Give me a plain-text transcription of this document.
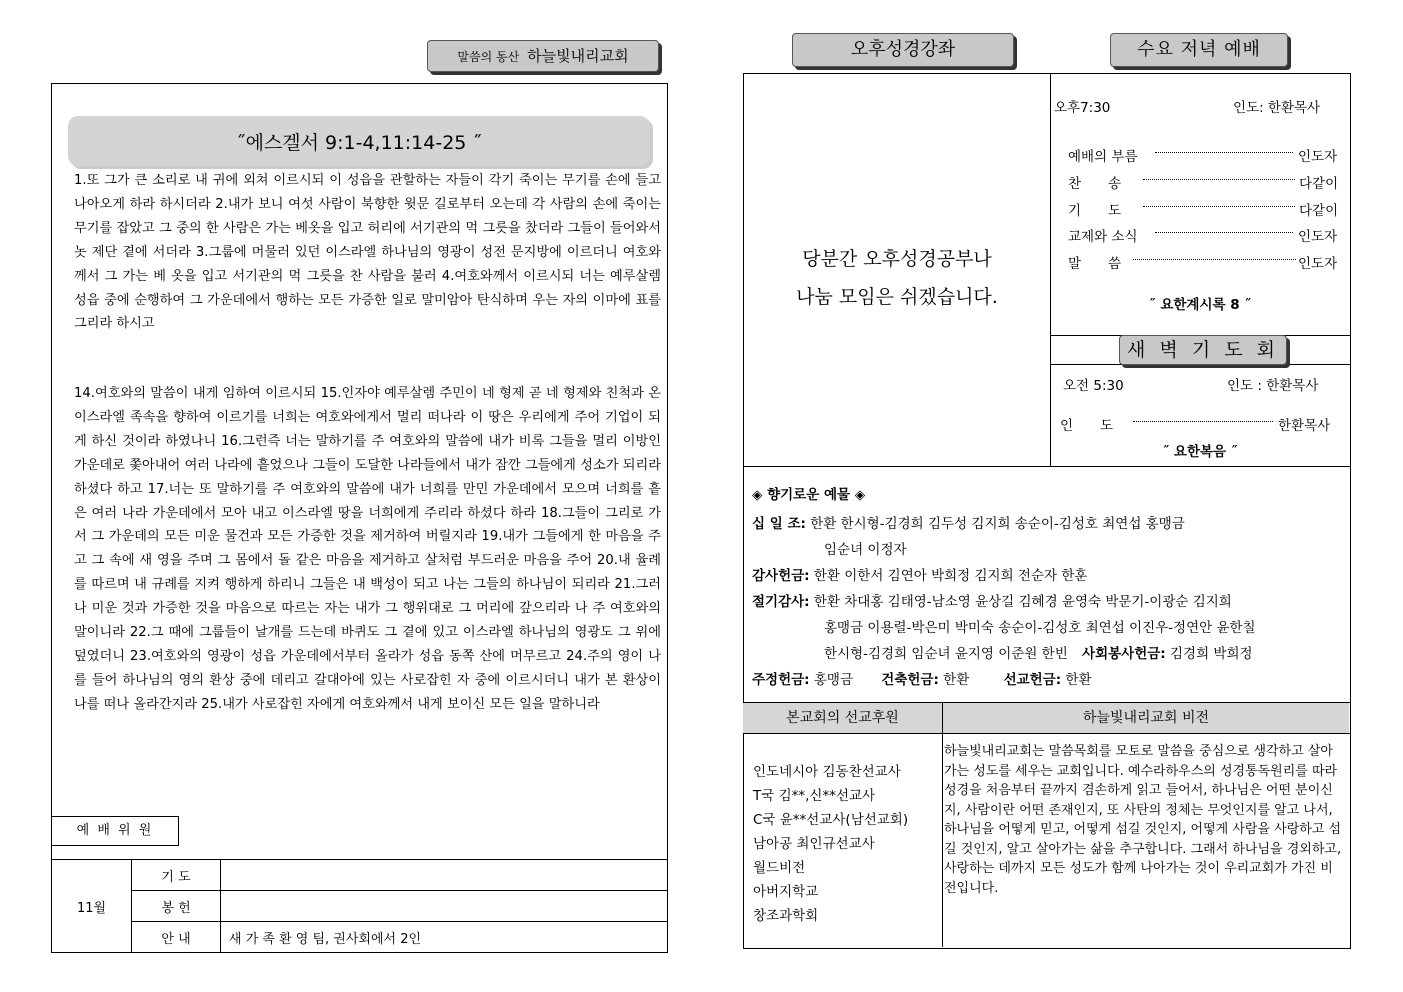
말씀의 동산 하늘빛내리교회
˝에스겔서 9:1-4,11:14-25 ˝
1.또 그가 큰 소리로 내 귀에 외쳐 이르시되 이 성읍을 관할하는 자들이 각기 죽이는 무기를 손에 들고 나아오게 하라 하시더라 2.내가 보니 여섯 사람이 북향한 윗문 길로부터 오는데 각 사람의 손에 죽이는 무기를 잡았고 그 중의 한 사람은 가는 베옷을 입고 허리에 서기관의 먹 그릇을 찼더라 그들이 들어와서 놋 제단 곁에 서더라 3.그룹에 머물러 있던 이스라엘 하나님의 영광이 성전 문지방에 이르더니 여호와께서 그 가는 베 옷을 입고 서기관의 먹 그릇을 찬 사람을 불러 4.여호와께서 이르시되 너는 예루살렘 성읍 중에 순행하여 그 가운데에서 행하는 모든 가증한 일로 말미암아 탄식하며 우는 자의 이마에 표를 그리라 하시고
14.여호와의 말씀이 내게 임하여 이르시되 15.인자야 예루살렘 주민이 네 형제 곧 네 형제와 친척과 온 이스라엘 족속을 향하여 이르기를 너희는 여호와에게서 멀리 떠나라 이 땅은 우리에게 주어 기업이 되게 하신 것이라 하였나니 16.그런즉 너는 말하기를 주 여호와의 말씀에 내가 비록 그들을 멀리 이방인 가운데로 쫓아내어 여러 나라에 흩었으나 그들이 도달한 나라들에서 내가 잠깐 그들에게 성소가 되리라 하셨다 하고 17.너는 또 말하기를 주 여호와의 말씀에 내가 너희를 만민 가운데에서 모으며 너희를 흩은 여러 나라 가운데에서 모아 내고 이스라엘 땅을 너희에게 주리라 하셨다 하라 18.그들이 그리로 가서 그 가운데의 모든 미운 물건과 모든 가증한 것을 제거하여 버릴지라 19.내가 그들에게 한 마음을 주고 그 속에 새 영을 주며 그 몸에서 돌 같은 마음을 제거하고 살처럼 부드러운 마음을 주어 20.내 율례를 따르며 내 규례를 지켜 행하게 하리니 그들은 내 백성이 되고 나는 그들의 하나님이 되리라 21.그러나 미운 것과 가증한 것을 마음으로 따르는 자는 내가 그 행위대로 그 머리에 갚으리라 나 주 여호와의 말이니라 22.그 때에 그룹들이 날개를 드는데 바퀴도 그 곁에 있고 이스라엘 하나님의 영광도 그 위에 덮였더니 23.여호와의 영광이 성읍 가운데에서부터 올라가 성읍 동쪽 산에 머무르고 24.주의 영이 나를 들어 하나님의 영의 환상 중에 데리고 갈대아에 있는 사로잡힌 자 중에 이르시더니 내가 본 환상이 나를 떠나 올라간지라 25.내가 사로잡힌 자에게 여호와께서 내게 보이신 모든 일을 말하니라
예 배 위 원
11월	기 도	
	봉 헌	
	안 내	새 가 족 환 영 팀, 권사회에서 2인
오후성경강좌	수요 저녁 예배
당분간 오후성경공부나
나눔 모임은 쉬겠습니다.
오후7:30	인도: 한환목사
예배의 부름	인도자
찬　　송	다같이
기　　도	다같이
교제와 소식	인도자
말　　씀	인도자
˝ 요한계시록 8 ˝
새 벽 기 도 회
오전 5:30	인도 : 한환목사
인　　도	한환목사
˝ 요한복음 ˝
◈ 향기로운 예물 ◈
십 일 조: 한환 한시형-김경희 김두성 김지희 송순이-김성호 최연섭 홍맹금
임순녀 이정자
감사헌금: 한환 이한서 김연아 박희정 김지희 전순자 한훈
절기감사: 한환 차대홍 김태영-남소영 윤상길 김혜경 윤영숙 박문기-이광순 김지희
홍맹금 이용렬-박은미 박미숙 송순이-김성호 최연섭 이진우-정연안 윤한칠
한시형-김경희 임순녀 윤지영 이준원 한빈 사회봉사헌금: 김경희 박희정
주정헌금: 홍맹금 건축헌금: 한환	선교헌금: 한환
본교회의 선교후원	하늘빛내리교회 비전
인도네시아 김동찬선교사
T국 김**,신**선교사
C국 윤**선교사(남선교회)
남아공 최인규선교사
월드비전
아버지학교
창조과학회
하늘빛내리교회는 말씀목회를 모토로 말씀을 중심으로 생각하고 살아가는 성도를 세우는 교회입니다. 예수라하우스의 성경통독원리를 따라 성경을 처음부터 끝까지 겸손하게 읽고 들어서, 하나님은 어떤 분이신지, 사람이란 어떤 존재인지, 또 사탄의 정체는 무엇인지를 알고 나서, 하나님을 어떻게 믿고, 어떻게 섬길 것인지, 어떻게 사람을 사랑하고 섬길 것인지, 알고 살아가는 삶을 추구합니다. 그래서 하나님을 경외하고, 사랑하는 데까지 모든 성도가 함께 나아가는 것이 우리교회가 가진 비전입니다.
